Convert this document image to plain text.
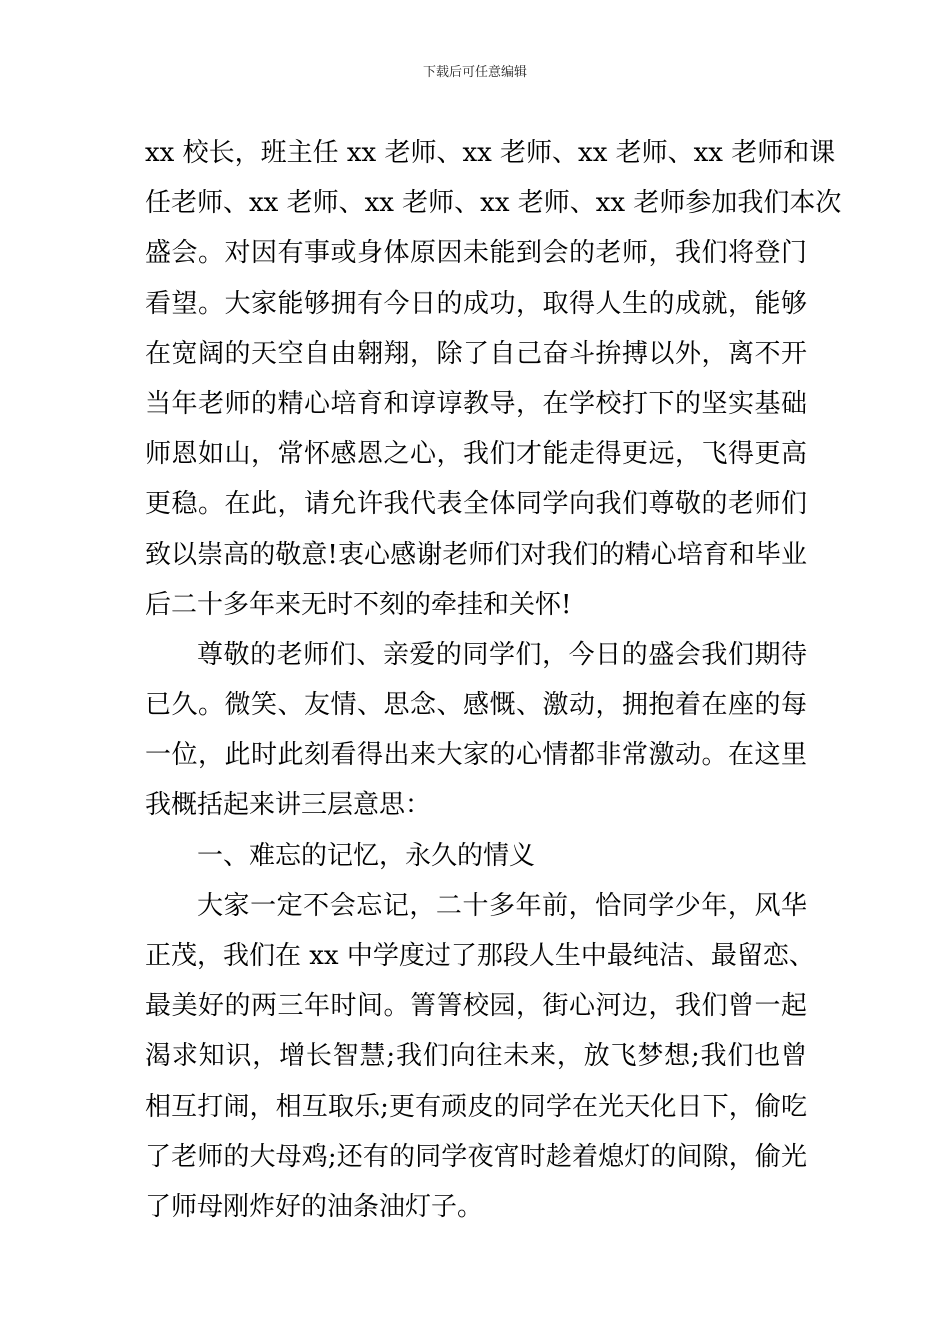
下载后可任意编辑
xx 校长，班主任 xx 老师、xx 老师、xx 老师、xx 老师和课
任老师、xx 老师、xx 老师、xx 老师、xx 老师参加我们本次
盛会。对因有事或身体原因未能到会的老师，我们将登门
看望。大家能够拥有今日的成功，取得人生的成就，能够
在宽阔的天空自由翱翔，除了自己奋斗拚搏以外，离不开
当年老师的精心培育和谆谆教导，在学校打下的坚实基础
师恩如山，常怀感恩之心，我们才能走得更远，飞得更高
更稳。在此，请允许我代表全体同学向我们尊敬的老师们
致以崇高的敬意!衷心感谢老师们对我们的精心培育和毕业
后二十多年来无时不刻的牵挂和关怀!
尊敬的老师们、亲爱的同学们，今日的盛会我们期待
已久。微笑、友情、思念、感慨、激动，拥抱着在座的每
一位，此时此刻看得出来大家的心情都非常激动。在这里
我概括起来讲三层意思：
一、难忘的记忆，永久的情义
大家一定不会忘记，二十多年前，恰同学少年，风华
正茂，我们在 xx 中学度过了那段人生中最纯洁、最留恋、
最美好的两三年时间。箐箐校园，街心河边，我们曾一起
渴求知识，增长智慧;我们向往未来，放飞梦想;我们也曾
相互打闹，相互取乐;更有顽皮的同学在光天化日下，偷吃
了老师的大母鸡;还有的同学夜宵时趁着熄灯的间隙，偷光
了师母刚炸好的油条油灯子。
